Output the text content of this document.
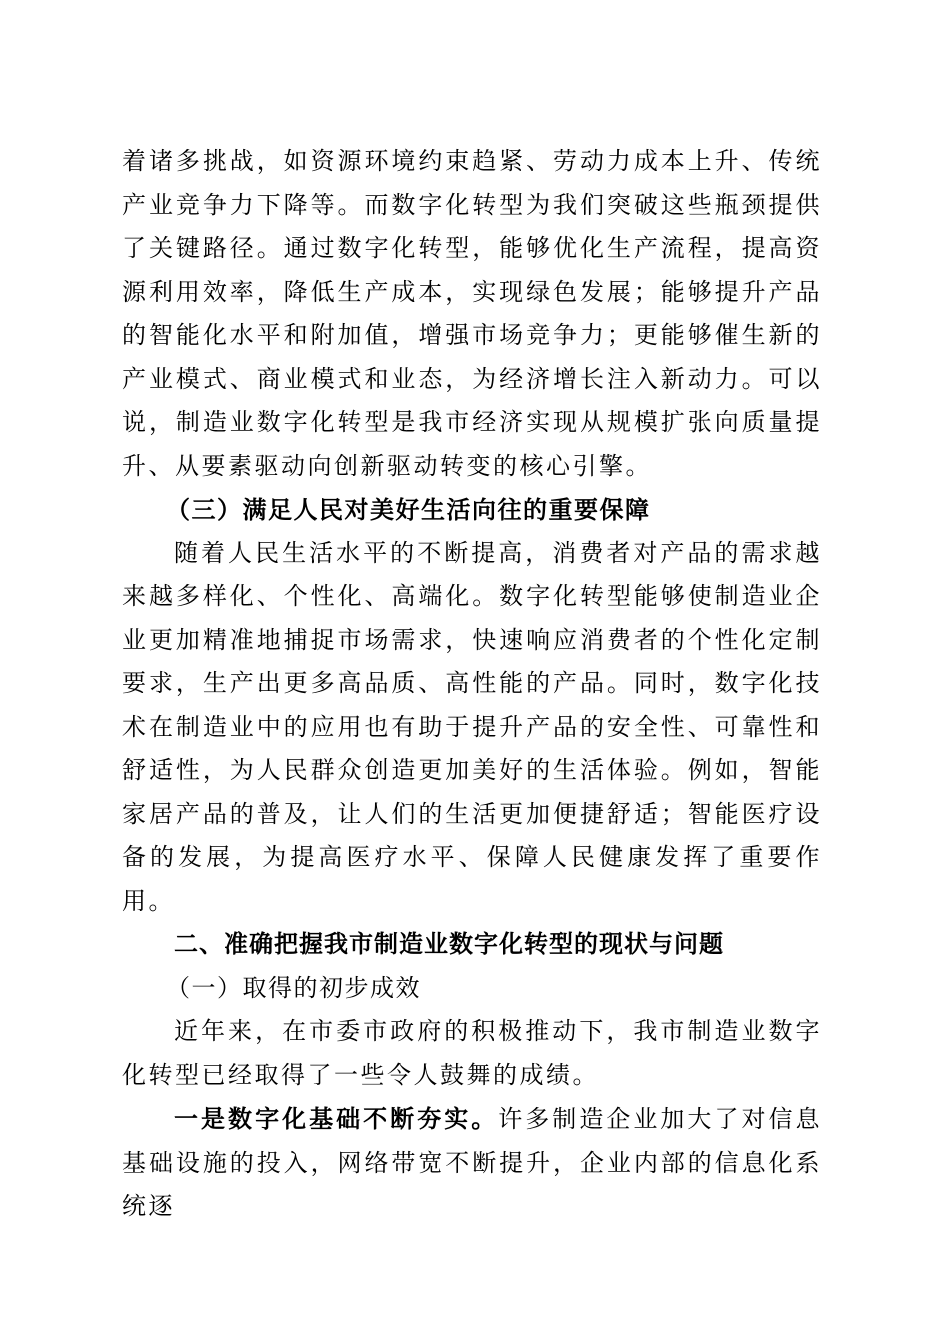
着诸多挑战，如资源环境约束趋紧、劳动力成本上升、传统产业竞争力下降等。而数字化转型为我们突破这些瓶颈提供了关键路径。通过数字化转型，能够优化生产流程，提高资源利用效率，降低生产成本，实现绿色发展；能够提升产品的智能化水平和附加值，增强市场竞争力；更能够催生新的产业模式、商业模式和业态，为经济增长注入新动力。可以说，制造业数字化转型是我市经济实现从规模扩张向质量提升、从要素驱动向创新驱动转变的核心引擎。

（三）满足人民对美好生活向往的重要保障

随着人民生活水平的不断提高，消费者对产品的需求越来越多样化、个性化、高端化。数字化转型能够使制造业企业更加精准地捕捉市场需求，快速响应消费者的个性化定制要求，生产出更多高品质、高性能的产品。同时，数字化技术在制造业中的应用也有助于提升产品的安全性、可靠性和舒适性，为人民群众创造更加美好的生活体验。例如，智能家居产品的普及，让人们的生活更加便捷舒适；智能医疗设备的发展，为提高医疗水平、保障人民健康发挥了重要作用。

二、准确把握我市制造业数字化转型的现状与问题

（一）取得的初步成效

近年来，在市委市政府的积极推动下，我市制造业数字化转型已经取得了一些令人鼓舞的成绩。

一是数字化基础不断夯实。许多制造企业加大了对信息基础设施的投入，网络带宽不断提升，企业内部的信息化系统逐
